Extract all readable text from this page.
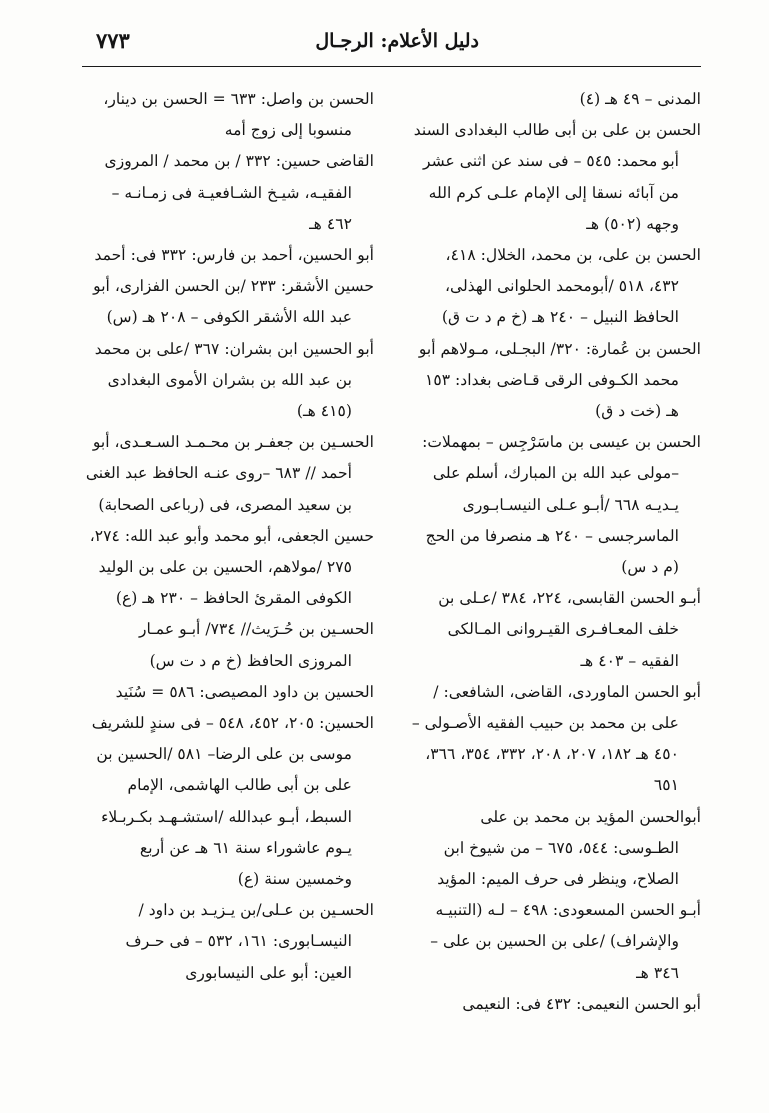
دليل الأعلام: الرجـال
٧٧٣

المدنى – ٤٩ هـ (٤)

الحسن بن على بن أبى طالب البغدادى السند أبو محمد: ٥٤٥ – فى سند عن اثنى عشر من آبائه نسقا إلى الإمام علـى كرم الله وجهه (٥٠٢) هـ

الحسن بن على، بن محمد، الخلال: ٤١٨، ٤٣٢، ٥١٨ /أبومحمد الحلوانى الهذلى، الحافظ النبيل – ٢٤٠ هـ (خ م د ت ق)

الحسن بن عُمارة: ٣٢٠/ البجـلى، مـولاهم أبو محمد الكـوفى الرقى قـاضى بغداد: ١٥٣ هـ (خت د ق)

الحسن بن عيسى بن ماسَرْجِس – بمهملات: –مولى عبد الله بن المبارك، أسلم على يـديـه ٦٦٨ /أبـو عـلى النيسـابـورى الماسرجسى – ٢٤٠ هـ منصرفا من الحج (م د س)

أبـو الحسن القابسى، ٢٢٤، ٣٨٤ /عـلى بن خلف المعـافـرى القيـروانى المـالكى الفقيه – ٤٠٣ هـ

أبو الحسن الماوردى، القاضى، الشافعى: /على بن محمد بن حبيب الفقيه الأصـولى – ٤٥٠ هـ ١٨٢، ٢٠٧، ٢٠٨، ٣٣٢، ٣٥٤، ٣٦٦، ٦٥١

أبوالحسن المؤيد بن محمد بن على الطـوسى: ٥٤٤، ٦٧٥ – من شيوخ ابن الصلاح، وينظر فى حرف الميم: المؤيد

أبـو الحسن المسعودى: ٤٩٨ – لـه (التنبيـه والإشراف) /على بن الحسين بن على – ٣٤٦ هـ

أبو الحسن النعيمى: ٤٣٢ فى: النعيمى

الحسن بن واصل: ٦٣٣ = الحسن بن دينار، منسوبا إلى زوج أمه

القاضى حسين: ٣٣٢ / بن محمد / المروزى الفقيـه، شيـخ الشـافعيـة فى زمـانـه – ٤٦٢ هـ

أبو الحسين، أحمد بن فارس: ٣٣٢ فى: أحمد

حسين الأشقر: ٢٣٣ /بن الحسن الفزارى، أبو عبد الله الأشقر الكوفى – ٢٠٨ هـ (س)

أبو الحسين ابن بشران: ٣٦٧ /على بن محمد بن عبد الله بن بشران الأموى البغدادى (٤١٥ هـ)

الحسـين بن جعفـر بن محـمـد السـعـدى، أبو أحمد // ٦٨٣ –روى عنـه الحافظ عبد الغنى بن سعيد المصرى، فى (رباعى الصحابة)

حسين الجعفى، أبو محمد وأبو عبد الله: ٢٧٤، ٢٧٥ /مولاهم، الحسين بن على بن الوليد الكوفى المقرئ الحافظ – ٢٣٠ هـ (ع)

الحسـين بن حُـرَيث// ٧٣٤/ أبـو عمـار المروزى الحافظ (خ م د ت س)

الحسين بن داود المصيصى: ٥٨٦ = سُنَيد

الحسين: ٢٠٥، ٤٥٢، ٥٤٨ – فى سندٍ للشريف موسى بن على الرضا– ٥٨١ /الحسين بن على بن أبى طالب الهاشمى، الإمام السبط، أبـو عبدالله /استشـهـد بكـربـلاء يـوم عاشوراء سنة ٦١ هـ عن أربع وخمسين سنة (ع)

الحسـين بن عـلى/بن يـزيـد بن داود / النيسـابورى: ١٦١، ٥٣٢ – فى حـرف العين: أبو على النيسابورى
